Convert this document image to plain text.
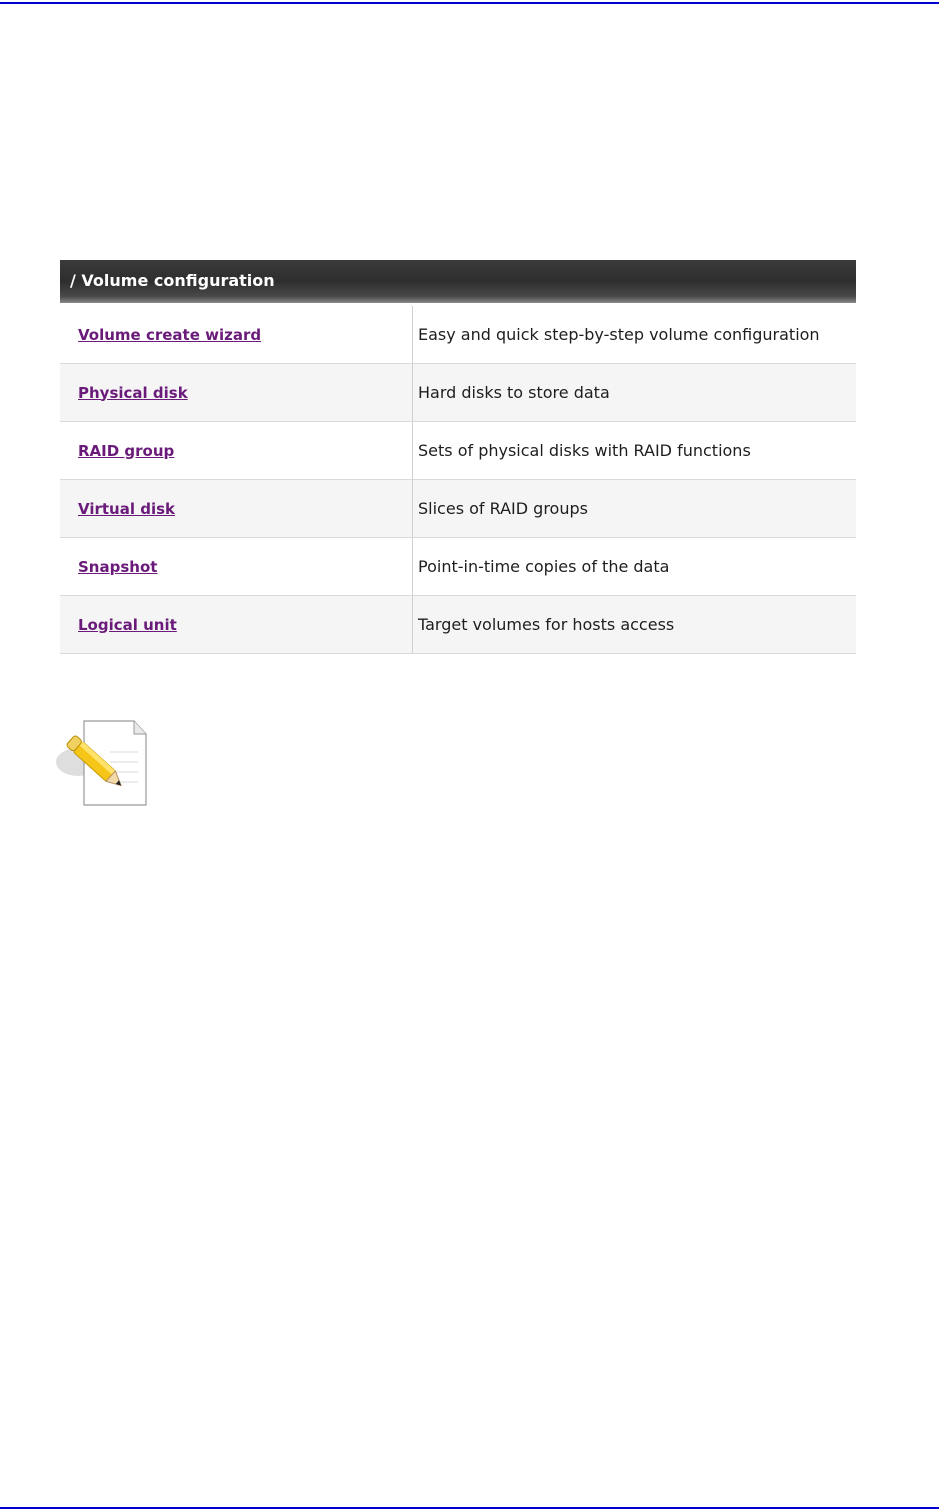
/ Volume configuration
Volume create wizard	Easy and quick step-by-step volume configuration
Physical disk	Hard disks to store data
RAID group	Sets of physical disks with RAID functions
Virtual disk	Slices of RAID groups
Snapshot	Point-in-time copies of the data
Logical unit	Target volumes for hosts access
